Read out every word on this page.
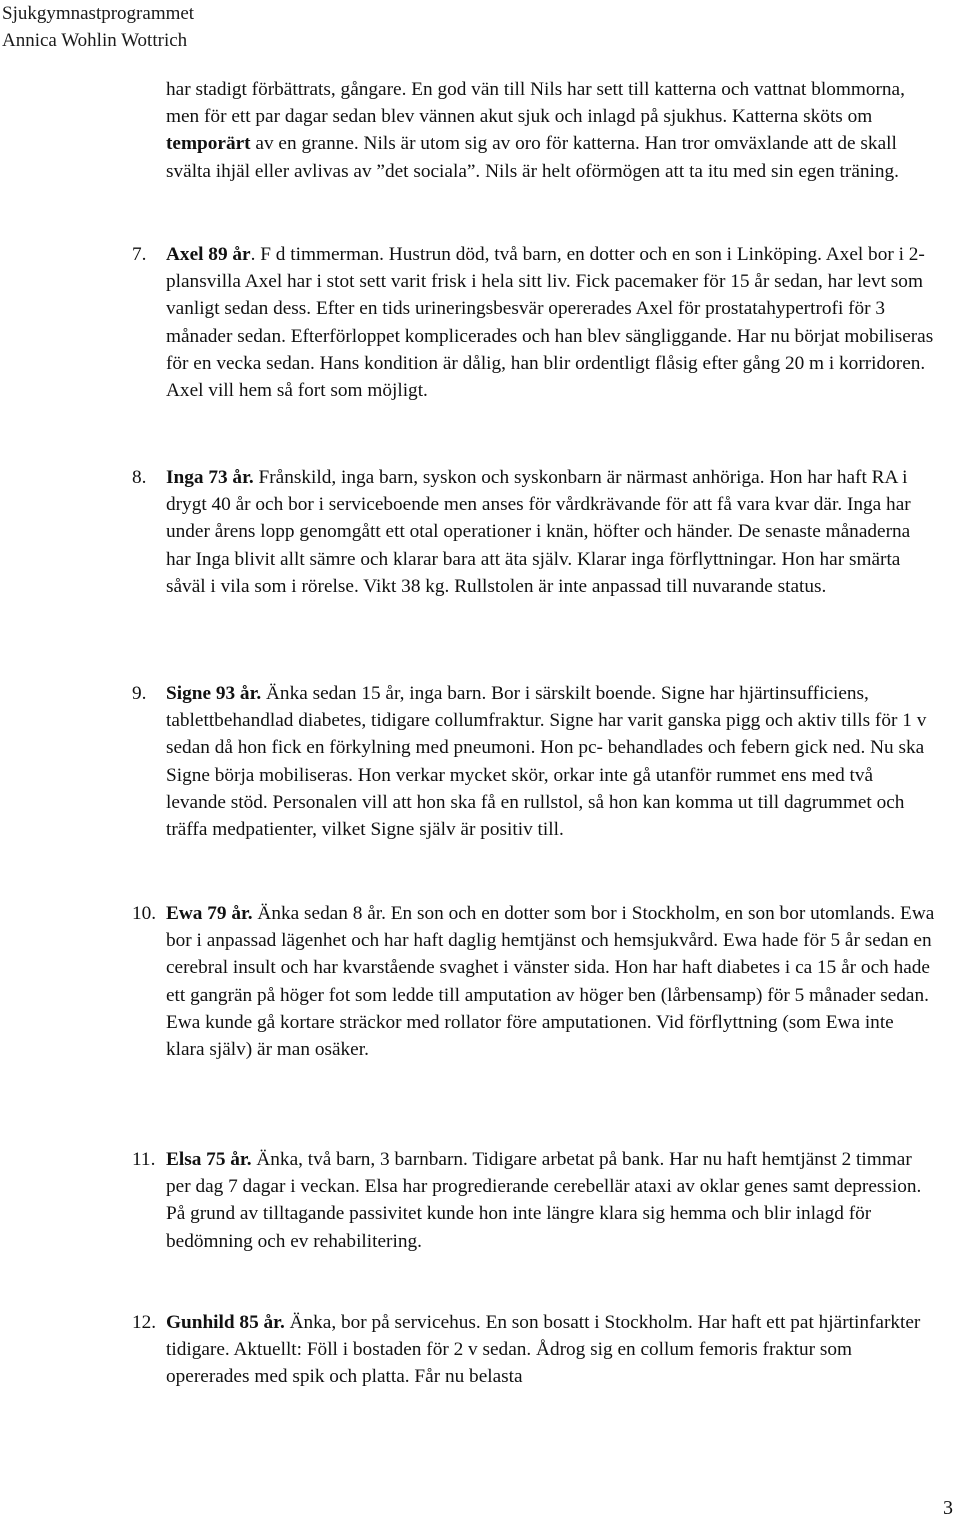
Sjukgymnastprogrammet
Annica Wohlin Wottrich
har stadigt förbättrats, gångare. En god vän till Nils har sett till katterna och vattnat blommorna, men för ett par dagar sedan blev vännen akut sjuk och inlagd på sjukhus. Katterna sköts om temporärt av en granne. Nils är utom sig av oro för katterna. Han tror omväxlande att de skall svälta ihjäl eller avlivas av ”det sociala”. Nils är helt oförmögen att ta itu med sin egen träning.
7.	Axel 89 år. F d timmerman. Hustrun död, två barn, en dotter och en son i Linköping. Axel bor i 2-plansvilla Axel har i stot sett varit frisk i hela sitt liv. Fick pacemaker för 15 år sedan, har levt som vanligt sedan dess. Efter en tids urineringsbesvär opererades Axel för prostatahypertrofi för 3 månader sedan. Efterförloppet komplicerades och han blev sängliggande. Har nu börjat mobiliseras för en vecka sedan. Hans kondition är dålig, han blir ordentligt flåsig efter gång 20 m i korridoren. Axel vill hem så fort som möjligt.
8.	Inga 73 år. Frånskild, inga barn, syskon och syskonbarn är närmast anhöriga. Hon har haft RA i drygt 40 år och bor i serviceboende men anses för vårdkrävande för att få vara kvar där. Inga har under årens lopp genomgått ett otal operationer i knän, höfter och händer. De senaste månaderna har Inga blivit allt sämre och klarar bara att äta själv. Klarar inga förflyttningar. Hon har smärta såväl i vila som i rörelse. Vikt 38 kg. Rullstolen är inte anpassad till nuvarande status.
9.	Signe 93 år. Änka sedan 15 år, inga barn. Bor i särskilt boende. Signe har hjärtinsufficiens, tablettbehandlad diabetes, tidigare collumfraktur. Signe har varit ganska pigg och aktiv tills för 1 v sedan då hon fick en förkylning med pneumoni. Hon pc- behandlades och febern gick ned. Nu ska Signe börja mobiliseras. Hon verkar mycket skör, orkar inte gå utanför rummet ens med två levande stöd. Personalen vill att hon ska få en rullstol, så hon kan komma ut till dagrummet och träffa medpatienter, vilket Signe själv är positiv till.
10. Ewa 79 år. Änka sedan 8 år. En son och en dotter som bor i Stockholm, en son bor utomlands. Ewa bor i anpassad lägenhet och har haft daglig hemtjänst och hemsjukvård. Ewa hade för 5 år sedan en cerebral insult och har kvarstående svaghet i vänster sida. Hon har haft diabetes i ca 15 år och hade ett gangrän på höger fot som ledde till amputation av höger ben (lårbensamp) för 5 månader sedan. Ewa kunde gå kortare sträckor med rollator före amputationen. Vid förflyttning (som Ewa inte klara själv) är man osäker.
11. Elsa 75 år. Änka, två barn, 3 barnbarn. Tidigare arbetat på bank. Har nu haft hemtjänst 2 timmar per dag 7 dagar i veckan. Elsa har progredierande cerebellär ataxi av oklar genes samt depression. På grund av tilltagande passivitet kunde hon inte längre klara sig hemma och blir inlagd för bedömning och ev rehabilitering.
12. Gunhild 85 år. Änka, bor på servicehus. En son bosatt i Stockholm. Har haft ett pat hjärtinfarkter tidigare. Aktuellt: Föll i bostaden för 2 v sedan. Ådrog sig en collum femoris fraktur som opererades med spik och platta. Får nu belasta
3
